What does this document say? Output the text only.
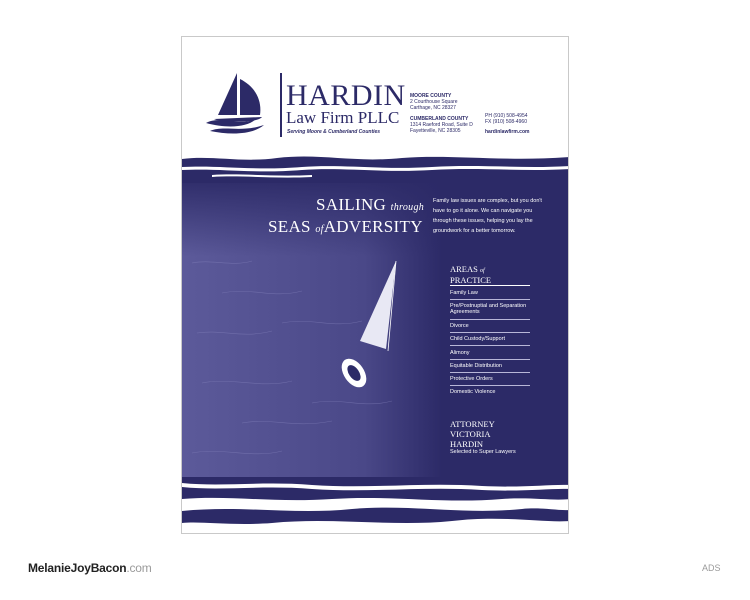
HARDIN
Law Firm PLLC
Serving Moore & Cumberland Counties
MOORE COUNTY
2 Courthouse Square
Carthage, NC 28327
CUMBERLAND COUNTY
1314 Raeford Road, Suite D
Fayetteville, NC 28305
PH (910) 508-4954
FX (910) 508-4960
hardinlawfirm.com
SAILING through
SEAS ofADVERSITY
Family law issues are complex, but you don't have to go it alone. We can navigate you through these issues, helping you lay the groundwork for a better tomorrow.
AREAS of
PRACTICE
Family Law
Pre/Postnuptial and Separation Agreements
Divorce
Child Custody/Support
Alimony
Equitable Distribution
Protective Orders
Domestic Violence
ATTORNEY
VICTORIA
HARDIN
Selected to Super Lawyers
MelanieJoyBacon.com	ADS
